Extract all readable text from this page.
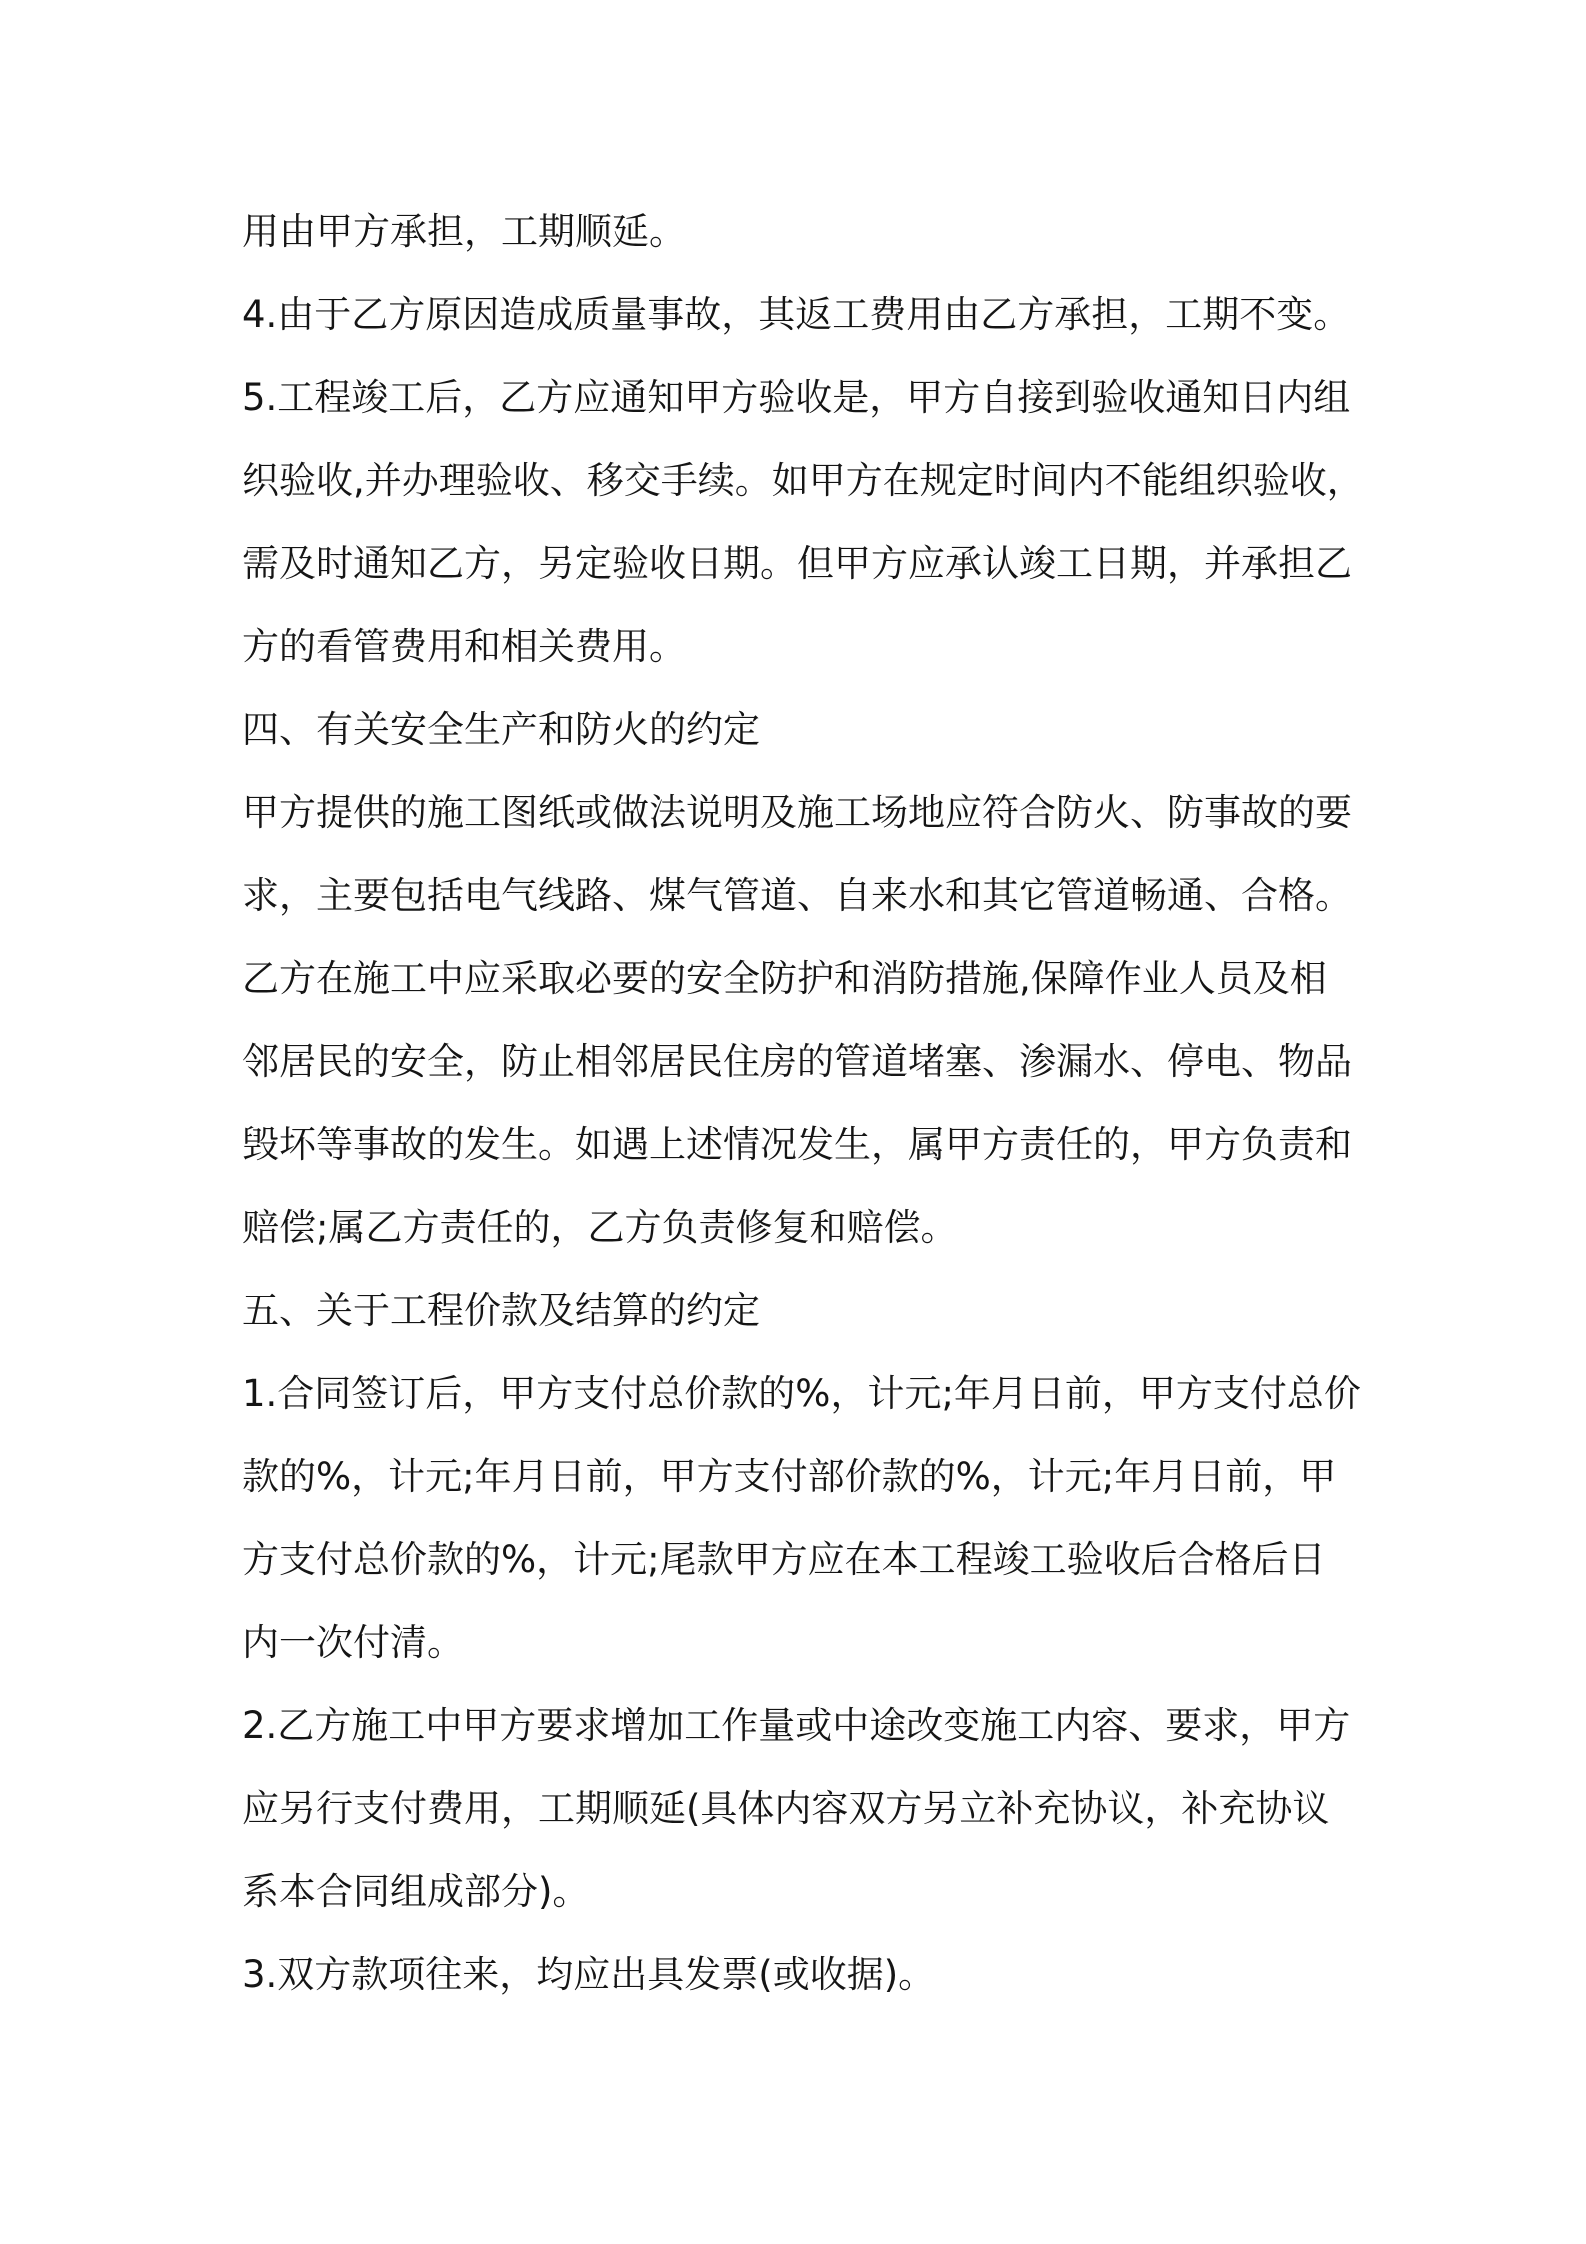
用由甲方承担，工期顺延。
4.由于乙方原因造成质量事故，其返工费用由乙方承担，工期不变。
5.工程竣工后，乙方应通知甲方验收是，甲方自接到验收通知日内组
织验收,并办理验收、移交手续。如甲方在规定时间内不能组织验收，
需及时通知乙方，另定验收日期。但甲方应承认竣工日期，并承担乙
方的看管费用和相关费用。
四、有关安全生产和防火的约定
甲方提供的施工图纸或做法说明及施工场地应符合防火、防事故的要
求，主要包括电气线路、煤气管道、自来水和其它管道畅通、合格。
乙方在施工中应采取必要的安全防护和消防措施,保障作业人员及相
邻居民的安全，防止相邻居民住房的管道堵塞、渗漏水、停电、物品
毁坏等事故的发生。如遇上述情况发生，属甲方责任的，甲方负责和
赔偿;属乙方责任的，乙方负责修复和赔偿。
五、关于工程价款及结算的约定
1.合同签订后，甲方支付总价款的%，计元;年月日前，甲方支付总价
款的%，计元;年月日前，甲方支付部价款的%，计元;年月日前，甲
方支付总价款的%，计元;尾款甲方应在本工程竣工验收后合格后日
内一次付清。
2.乙方施工中甲方要求增加工作量或中途改变施工内容、要求，甲方
应另行支付费用，工期顺延(具体内容双方另立补充协议，补充协议
系本合同组成部分)。
3.双方款项往来，均应出具发票(或收据)。
